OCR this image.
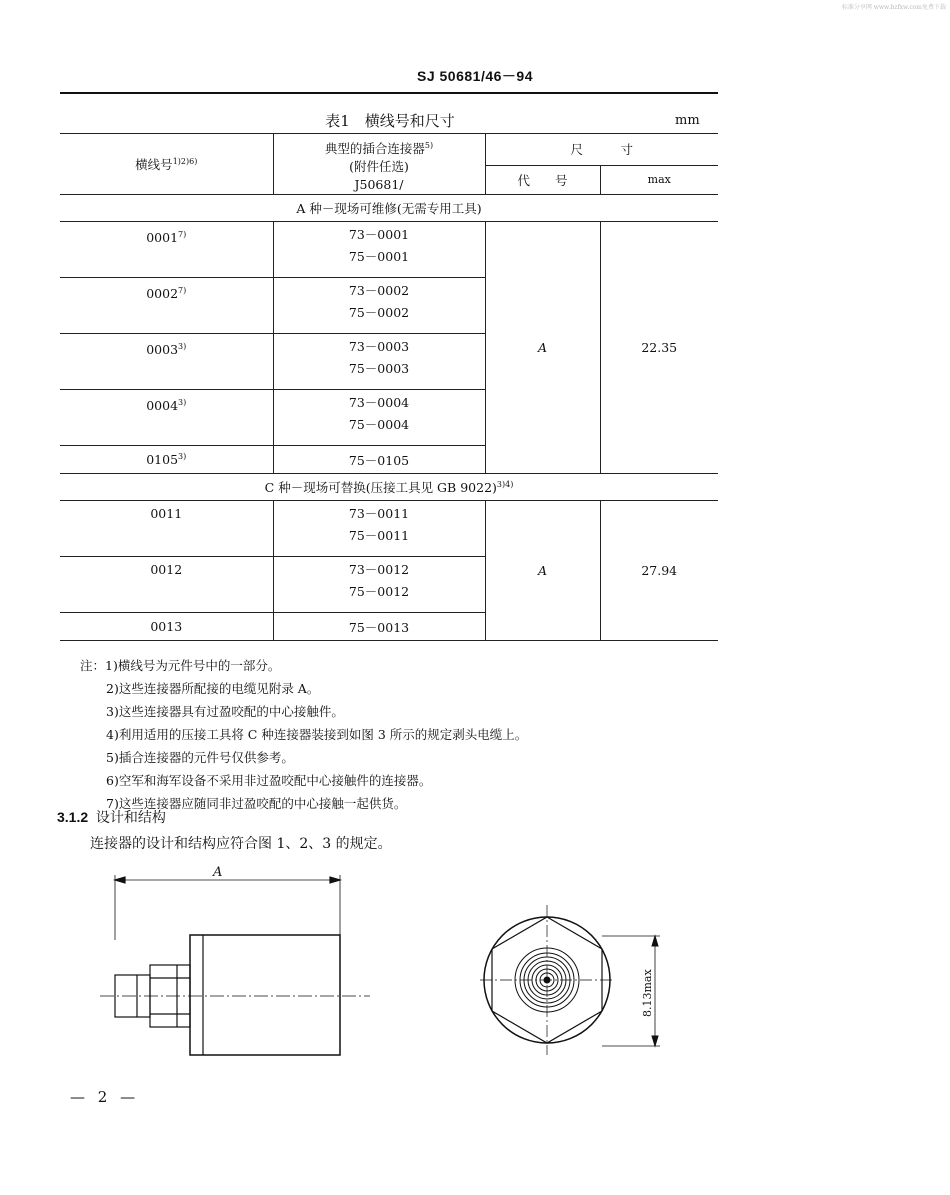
标准分享网 www.bzfxw.com免费下载
SJ 50681/46－94
表1　横线号和尺寸	mm
横线号$^{1)2)6)}$	典型的插合连接器$^{5)}$
(附件任选)
J50681/	尺　　　寸	
		代　　号	max
A 种－现场可维修(无需专用工具)			
0001$^{7)}$	73－0001
75－0001	A	22.35
0002$^{7)}$	73－0002
75－0002		

0003$^{3)}$	73－0003
75－0003		

0004$^{3)}$	73－0004
75－0004		

0105$^{3)}$	75－0105		

C 种－现场可替换(压接工具见 GB 9022)$^{3)4)}$
0011	73－0011
75－0011	A	27.94
0012	73－0012
75－0012		

0013	75－0013		
注：1)横线号为元件号中的一部分。
2)这些连接器所配接的电缆见附录 A。
3)这些连接器具有过盈咬配的中心接触件。
4)利用适用的压接工具将 C 种连接器装接到如图 3 所示的规定剥头电缆上。
5)插合连接器的元件号仅供参考。
6)空军和海军设备不采用非过盈咬配中心接触件的连接器。
7)这些连接器应随同非过盈咬配的中心接触一起供货。
3.1.2 设计和结构
连接器的设计和结构应符合图 1、2、3 的规定。
A
8.13max
— 2 —
